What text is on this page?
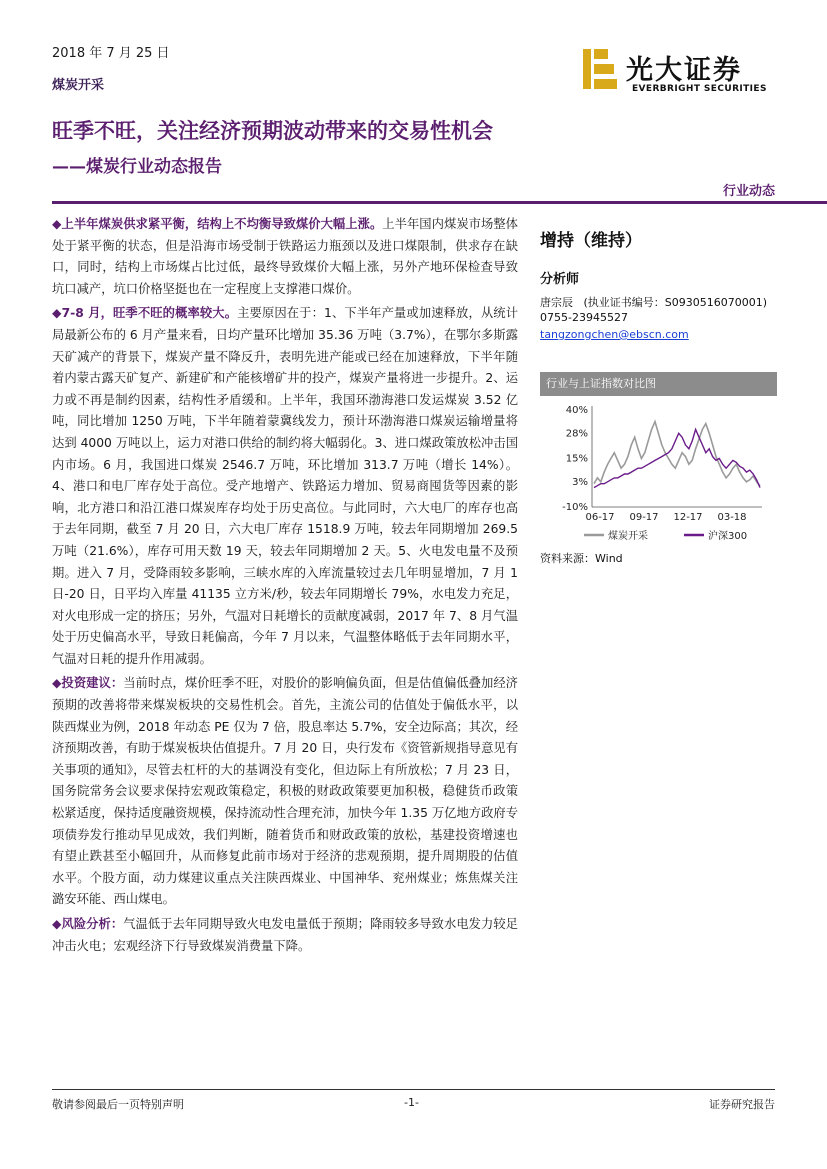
2018 年 7 月 25 日
煤炭开采	光大证券
EVERBRIGHT SECURITIES
旺季不旺，关注经济预期波动带来的交易性机会
——煤炭行业动态报告
行业动态

◆上半年煤炭供求紧平衡，结构上不均衡导致煤价大幅上涨。上半年国内煤炭市场整体处于紧平衡的状态，但是沿海市场受制于铁路运力瓶颈以及进口煤限制，供求存在缺口，同时，结构上市场煤占比过低，最终导致煤价大幅上涨，另外产地环保检查导致坑口减产，坑口价格坚挺也在一定程度上支撑港口煤价。

◆7-8 月，旺季不旺的概率较大。主要原因在于：1、下半年产量或加速释放，从统计局最新公布的 6 月产量来看，日均产量环比增加 35.36 万吨（3.7%），在鄂尔多斯露天矿减产的背景下，煤炭产量不降反升，表明先进产能或已经在加速释放，下半年随着内蒙古露天矿复产、新建矿和产能核增矿井的投产，煤炭产量将进一步提升。2、运力或不再是制约因素，结构性矛盾缓和。上半年，我国环渤海港口发运煤炭 3.52 亿吨，同比增加 1250 万吨，下半年随着蒙冀线发力，预计环渤海港口煤炭运输增量将达到 4000 万吨以上，运力对港口供给的制约将大幅弱化。3、进口煤政策放松冲击国内市场。6 月，我国进口煤炭 2546.7 万吨，环比增加 313.7 万吨（增长 14%）。4、港口和电厂库存处于高位。受产地增产、铁路运力增加、贸易商囤货等因素的影响，北方港口和沿江港口煤炭库存均处于历史高位。与此同时，六大电厂的库存也高于去年同期，截至 7 月 20 日，六大电厂库存 1518.9 万吨，较去年同期增加 269.5 万吨（21.6%），库存可用天数 19 天，较去年同期增加 2 天。5、火电发电量不及预期。进入 7 月，受降雨较多影响，三峡水库的入库流量较过去几年明显增加，7 月 1 日-20 日，日平均入库量 41135 立方米/秒，较去年同期增长 79%，水电发力充足，对火电形成一定的挤压；另外，气温对日耗增长的贡献度减弱，2017 年 7、8 月气温处于历史偏高水平，导致日耗偏高，今年 7 月以来，气温整体略低于去年同期水平，气温对日耗的提升作用减弱。

◆投资建议：当前时点，煤价旺季不旺，对股价的影响偏负面，但是估值偏低叠加经济预期的改善将带来煤炭板块的交易性机会。首先，主流公司的估值处于偏低水平，以陕西煤业为例，2018 年动态 PE 仅为 7 倍，股息率达 5.7%，安全边际高；其次，经济预期改善，有助于煤炭板块估值提升。7 月 20 日，央行发布《资管新规指导意见有关事项的通知》，尽管去杠杆的大的基调没有变化，但边际上有所放松；7 月 23 日，国务院常务会议要求保持宏观政策稳定，积极的财政政策要更加积极，稳健货币政策松紧适度，保持适度融资规模，保持流动性合理充沛，加快今年 1.35 万亿地方政府专项债券发行推动早见成效，我们判断，随着货币和财政政策的放松，基建投资增速也有望止跌甚至小幅回升，从而修复此前市场对于经济的悲观预期，提升周期股的估值水平。个股方面，动力煤建议重点关注陕西煤业、中国神华、兖州煤业；炼焦煤关注潞安环能、西山煤电。

◆风险分析：气温低于去年同期导致火电发电量低于预期；降雨较多导致水电发力较足冲击火电；宏观经济下行导致煤炭消费量下降。

增持（维持）
分析师
唐宗辰 (执业证书编号：S0930516070001)
0755-23945527
tangzongchen@ebscn.com
行业与上证指数对比图
40%
28%
15%
3%
-10%
06-17 09-17 12-17 03-18
煤炭开采	沪深300
资料来源：Wind
敬请参阅最后一页特别声明	-1-	证券研究报告
